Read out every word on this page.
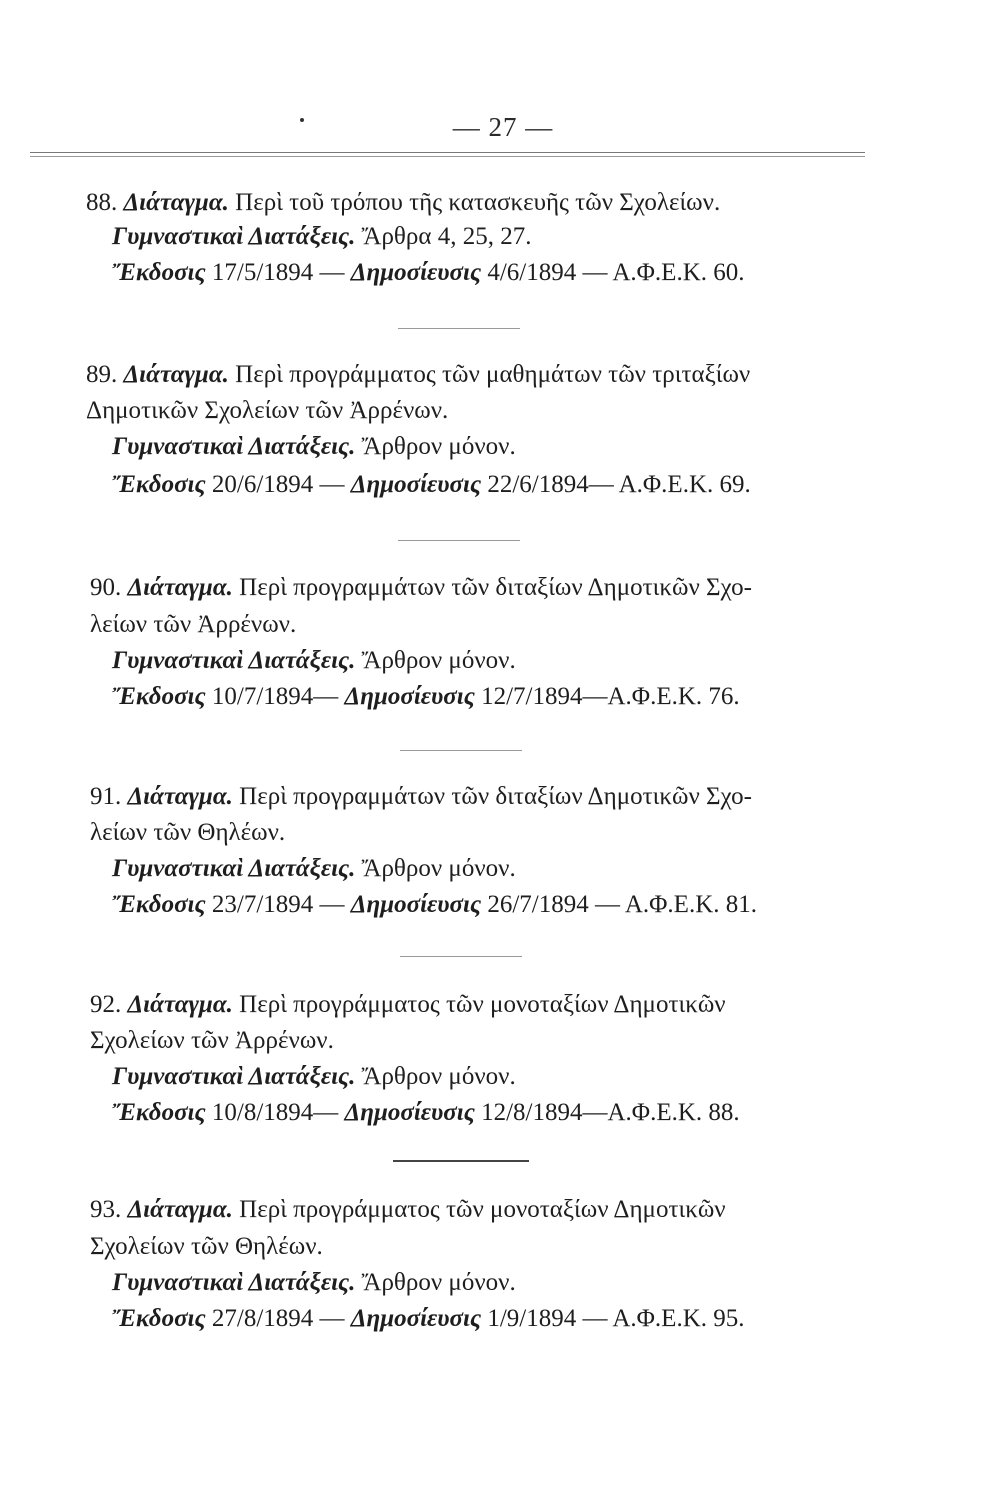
— 27 —
88. Διάταγμα. Περὶ τοῦ τρόπου τῆς κατασκευῆς τῶν Σχολείων.
Γυμναστικαὶ Διατάξεις. Ἄρθρα 4, 25, 27.
Ἔκδοσις 17/5/1894 — Δημοσίευσις 4/6/1894 — Α.Φ.Ε.Κ. 60.
89. Διάταγμα. Περὶ προγράμματος τῶν μαθημάτων τῶν τριταξίων
Δημοτικῶν Σχολείων τῶν Ἀρρένων.
Γυμναστικαὶ Διατάξεις. Ἄρθρον μόνον.
Ἔκδοσις 20/6/1894 — Δημοσίευσις 22/6/1894— Α.Φ.Ε.Κ. 69.
90. Διάταγμα. Περὶ προγραμμάτων τῶν διταξίων Δημοτικῶν Σχο-
λείων τῶν Ἀρρένων.
Γυμναστικαὶ Διατάξεις. Ἄρθρον μόνον.
Ἔκδοσις 10/7/1894— Δημοσίευσις 12/7/1894—Α.Φ.Ε.Κ. 76.
91. Διάταγμα. Περὶ προγραμμάτων τῶν διταξίων Δημοτικῶν Σχο-
λείων τῶν Θηλέων.
Γυμναστικαὶ Διατάξεις. Ἄρθρον μόνον.
Ἔκδοσις 23/7/1894 — Δημοσίευσις 26/7/1894 — Α.Φ.Ε.Κ. 81.
92. Διάταγμα. Περὶ προγράμματος τῶν μονοταξίων Δημοτικῶν
Σχολείων τῶν Ἀρρένων.
Γυμναστικαὶ Διατάξεις. Ἄρθρον μόνον.
Ἔκδοσις 10/8/1894— Δημοσίευσις 12/8/1894—Α.Φ.Ε.Κ. 88.
93. Διάταγμα. Περὶ προγράμματος τῶν μονοταξίων Δημοτικῶν
Σχολείων τῶν Θηλέων.
Γυμναστικαὶ Διατάξεις. Ἄρθρον μόνον.
Ἔκδοσις 27/8/1894 — Δημοσίευσις 1/9/1894 — Α.Φ.Ε.Κ. 95.
